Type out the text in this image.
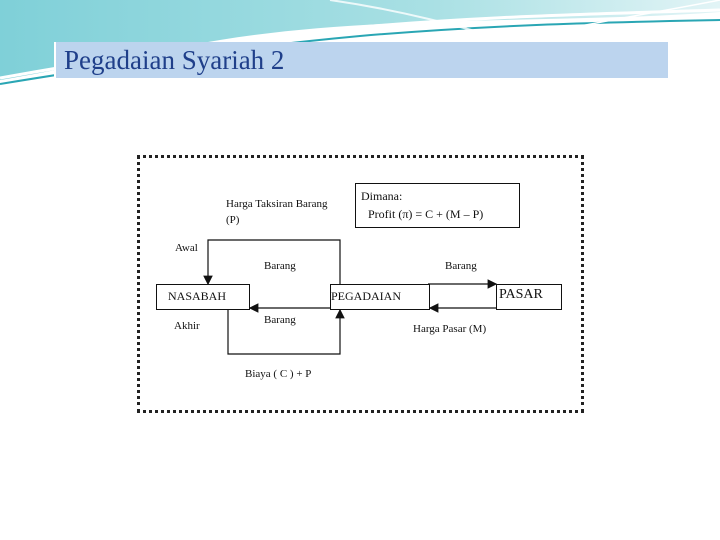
Pegadaian Syariah 2
Harga Taksiran Barang
(P)
Dimana:
Profit (π) = C + (M – P)
Awal
Barang	Barang
NASABAH	PEGADAIAN	PASAR
Akhir	Barang
Harga Pasar (M)
Biaya ( C ) + P
